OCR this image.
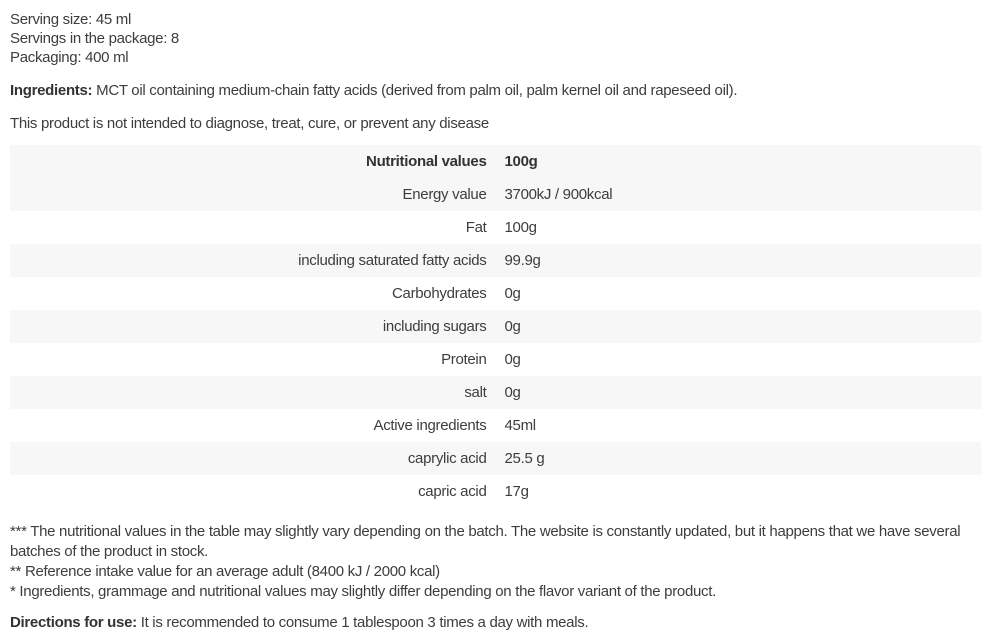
Serving size: 45 ml
Servings in the package: 8
Packaging: 400 ml

Ingredients: MCT oil containing medium-chain fatty acids (derived from palm oil, palm kernel oil and rapeseed oil).

This product is not intended to diagnose, treat, cure, or prevent any disease

Nutritional values	100g
Energy value	3700kJ / 900kcal
Fat	100g
including saturated fatty acids	99.9g
Carbohydrates	0g
including sugars	0g
Protein	0g
salt	0g
Active ingredients	45ml
caprylic acid	25.5 g
capric acid	17g
*** The nutritional values in the table may slightly vary depending on the batch. The website is constantly updated, but it happens that we have several batches of the product in stock.
** Reference intake value for an average adult (8400 kJ / 2000 kcal)
* Ingredients, grammage and nutritional values may slightly differ depending on the flavor variant of the product.

Directions for use: It is recommended to consume 1 tablespoon 3 times a day with meals.
